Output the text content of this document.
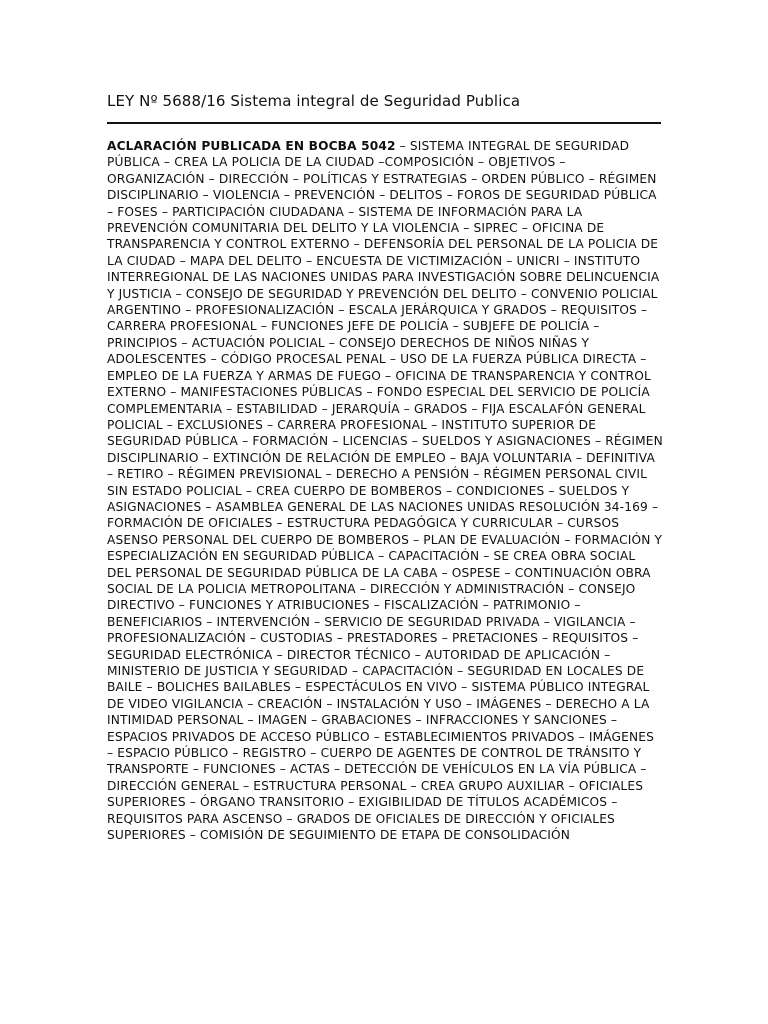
LEY Nº 5688/16 Sistema integral de Seguridad Publica

ACLARACIÓN PUBLICADA EN BOCBA 5042 – SISTEMA INTEGRAL DE SEGURIDAD PÚBLICA – CREA LA POLICIA DE LA CIUDAD –COMPOSICIÓN – OBJETIVOS – ORGANIZACIÓN – DIRECCIÓN – POLÍTICAS Y ESTRATEGIAS – ORDEN PÚBLICO – RÉGIMEN DISCIPLINARIO – VIOLENCIA – PREVENCIÓN – DELITOS – FOROS DE SEGURIDAD PÚBLICA – FOSES – PARTICIPACIÓN CIUDADANA – SISTEMA DE INFORMACIÓN PARA LA PREVENCIÓN COMUNITARIA DEL DELITO Y LA VIOLENCIA – SIPREC – OFICINA DE TRANSPARENCIA Y CONTROL EXTERNO – DEFENSORÍA DEL PERSONAL DE LA POLICIA DE LA CIUDAD – MAPA DEL DELITO – ENCUESTA DE VICTIMIZACIÓN – UNICRI – INSTITUTO INTERREGIONAL DE LAS NACIONES UNIDAS PARA INVESTIGACIÓN SOBRE DELINCUENCIA Y JUSTICIA – CONSEJO DE SEGURIDAD Y PREVENCIÓN DEL DELITO – CONVENIO POLICIAL ARGENTINO – PROFESIONALIZACIÓN – ESCALA JERÁRQUICA Y GRADOS – REQUISITOS – CARRERA PROFESIONAL – FUNCIONES JEFE DE POLICÍA – SUBJEFE DE POLICÍA – PRINCIPIOS – ACTUACIÓN POLICIAL – CONSEJO DERECHOS DE NIÑOS NIÑAS Y ADOLESCENTES – CÓDIGO PROCESAL PENAL – USO DE LA FUERZA PÚBLICA DIRECTA – EMPLEO DE LA FUERZA Y ARMAS DE FUEGO – OFICINA DE TRANSPARENCIA Y CONTROL EXTERNO – MANIFESTACIONES PÚBLICAS – FONDO ESPECIAL DEL SERVICIO DE POLICÍA COMPLEMENTARIA – ESTABILIDAD – JERARQUÍA – GRADOS – FIJA ESCALAFÓN GENERAL POLICIAL – EXCLUSIONES – CARRERA PROFESIONAL – INSTITUTO SUPERIOR DE SEGURIDAD PÚBLICA – FORMACIÓN – LICENCIAS – SUELDOS Y ASIGNACIONES – RÉGIMEN DISCIPLINARIO – EXTINCIÓN DE RELACIÓN DE EMPLEO – BAJA VOLUNTARIA – DEFINITIVA – RETIRO – RÉGIMEN PREVISIONAL – DERECHO A PENSIÓN – RÉGIMEN PERSONAL CIVIL SIN ESTADO POLICIAL – CREA CUERPO DE BOMBEROS – CONDICIONES – SUELDOS Y ASIGNACIONES – ASAMBLEA GENERAL DE LAS NACIONES UNIDAS RESOLUCIÓN 34-169 – FORMACIÓN DE OFICIALES – ESTRUCTURA PEDAGÓGICA Y CURRICULAR – CURSOS ASENSO PERSONAL DEL CUERPO DE BOMBEROS – PLAN DE EVALUACIÓN – FORMACIÓN Y ESPECIALIZACIÓN EN SEGURIDAD PÚBLICA – CAPACITACIÓN – SE CREA OBRA SOCIAL DEL PERSONAL DE SEGURIDAD PÚBLICA DE LA CABA – OSPESE – CONTINUACIÓN OBRA SOCIAL DE LA POLICIA METROPOLITANA – DIRECCIÓN Y ADMINISTRACIÓN – CONSEJO DIRECTIVO – FUNCIONES Y ATRIBUCIONES – FISCALIZACIÓN – PATRIMONIO – BENEFICIARIOS – INTERVENCIÓN – SERVICIO DE SEGURIDAD PRIVADA – VIGILANCIA – PROFESIONALIZACIÓN – CUSTODIAS – PRESTADORES – PRETACIONES – REQUISITOS – SEGURIDAD ELECTRÓNICA – DIRECTOR TÉCNICO – AUTORIDAD DE APLICACIÓN – MINISTERIO DE JUSTICIA Y SEGURIDAD – CAPACITACIÓN – SEGURIDAD EN LOCALES DE BAILE – BOLICHES BAILABLES – ESPECTÁCULOS EN VIVO – SISTEMA PÚBLICO INTEGRAL DE VIDEO VIGILANCIA – CREACIÓN – INSTALACIÓN Y USO – IMÁGENES – DERECHO A LA INTIMIDAD PERSONAL – IMAGEN – GRABACIONES – INFRACCIONES Y SANCIONES – ESPACIOS PRIVADOS DE ACCESO PÚBLICO – ESTABLECIMIENTOS PRIVADOS – IMÁGENES – ESPACIO PÚBLICO – REGISTRO – CUERPO DE AGENTES DE CONTROL DE TRÁNSITO Y TRANSPORTE – FUNCIONES – ACTAS – DETECCIÓN DE VEHÍCULOS EN LA VÍA PÚBLICA – DIRECCIÓN GENERAL – ESTRUCTURA PERSONAL – CREA GRUPO AUXILIAR – OFICIALES SUPERIORES – ÓRGANO TRANSITORIO – EXIGIBILIDAD DE TÍTULOS ACADÉMICOS – REQUISITOS PARA ASCENSO – GRADOS DE OFICIALES DE DIRECCIÓN Y OFICIALES SUPERIORES – COMISIÓN DE SEGUIMIENTO DE ETAPA DE CONSOLIDACIÓN
